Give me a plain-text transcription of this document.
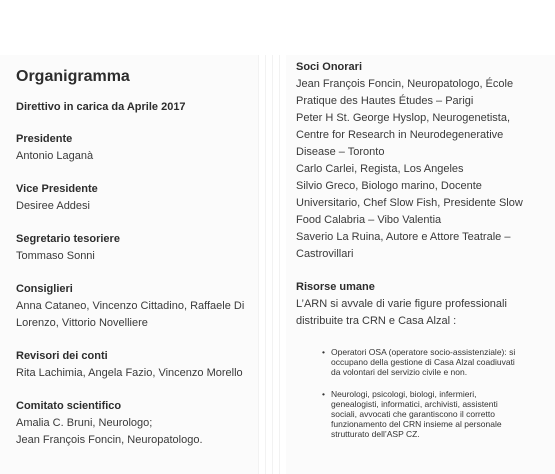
Organigramma
Direttivo in carica da Aprile 2017
Presidente
Antonio Laganà
Vice Presidente
Desiree Addesi
Segretario tesoriere
Tommaso Sonni
Consiglieri
Anna Cataneo, Vincenzo Cittadino, Raffaele Di
Lorenzo, Vittorio Novelliere
Revisori dei conti
Rita Lachimia, Angela Fazio, Vincenzo Morello
Comitato scientifico
Amalia C. Bruni, Neurologo;
Jean François Foncin, Neuropatologo.
Soci Onorari
Jean François Foncin, Neuropatologo, École
Pratique des Hautes Études – Parigi
Peter H St. George Hyslop, Neurogenetista,
Centre for Research in Neurodegenerative
Disease – Toronto
Carlo Carlei, Regista, Los Angeles
Silvio Greco, Biologo marino, Docente
Universitario, Chef Slow Fish, Presidente Slow
Food Calabria – Vibo Valentia
Saverio La Ruina, Autore e Attore Teatrale –
Castrovillari
Risorse umane
L’ARN si avvale di varie figure professionali
distribuite tra CRN e Casa Alzal :
• Operatori OSA (operatore socio-assistenziale): si occupano della gestione di Casa Alzal coadiuvati da volontari del servizio civile e non.
• Neurologi, psicologi, biologi, infermieri, genealogisti, informatici, archivisti, assistenti sociali, avvocati che garantiscono il corretto funzionamento del CRN insieme al personale strutturato dell’ASP CZ.
